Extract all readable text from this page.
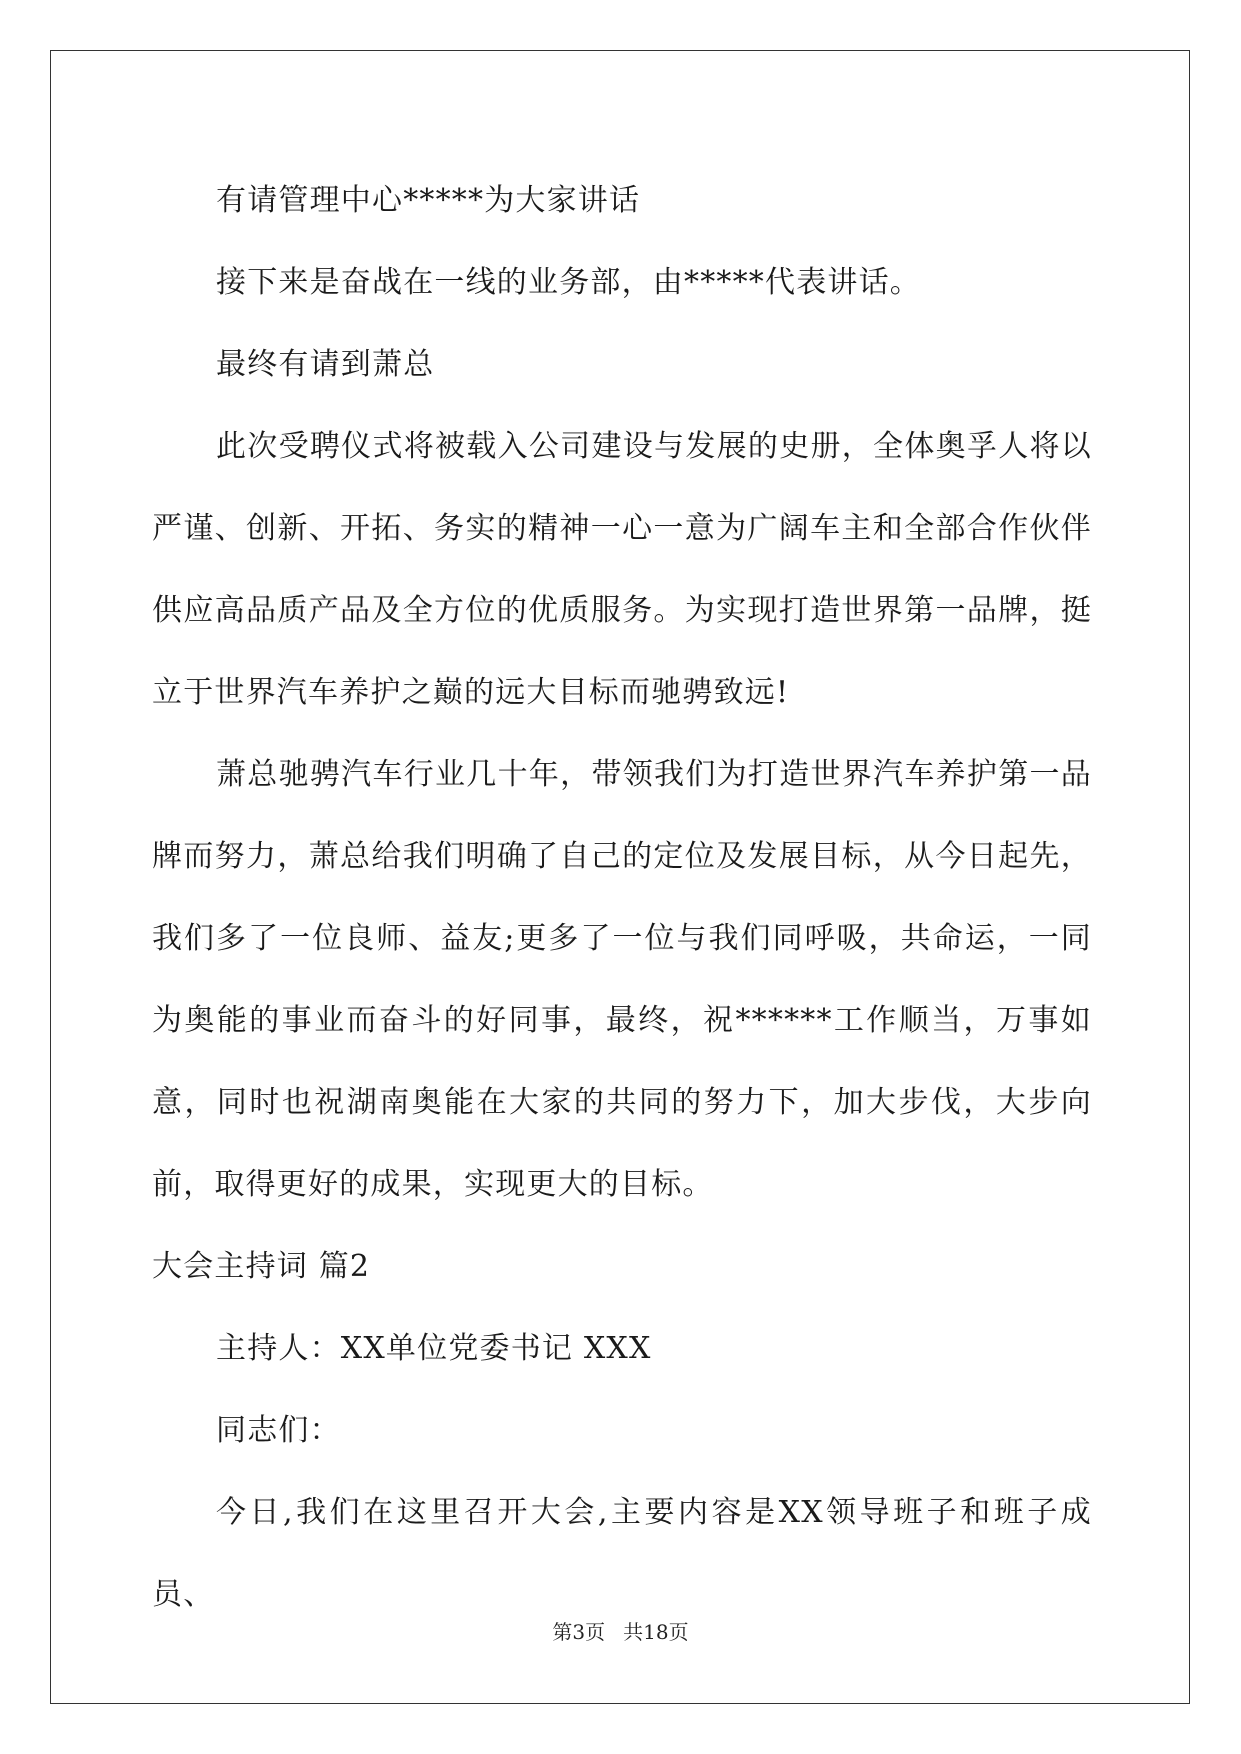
有请管理中心*****为大家讲话

接下来是奋战在一线的业务部，由*****代表讲话。

最终有请到萧总

此次受聘仪式将被载入公司建设与发展的史册，全体奥孚人将以严谨、创新、开拓、务实的精神一心一意为广阔车主和全部合作伙伴供应高品质产品及全方位的优质服务。为实现打造世界第一品牌，挺立于世界汽车养护之巅的远大目标而驰骋致远!

萧总驰骋汽车行业几十年，带领我们为打造世界汽车养护第一品牌而努力，萧总给我们明确了自己的定位及发展目标，从今日起先，我们多了一位良师、益友;更多了一位与我们同呼吸，共命运，一同为奥能的事业而奋斗的好同事，最终，祝******工作顺当，万事如意，同时也祝湖南奥能在大家的共同的努力下，加大步伐，大步向前，取得更好的成果，实现更大的目标。

大会主持词 篇2

主持人：XX单位党委书记 XXX

同志们：

今日,我们在这里召开大会,主要内容是XX领导班子和班子成员、

第3页 共18页
